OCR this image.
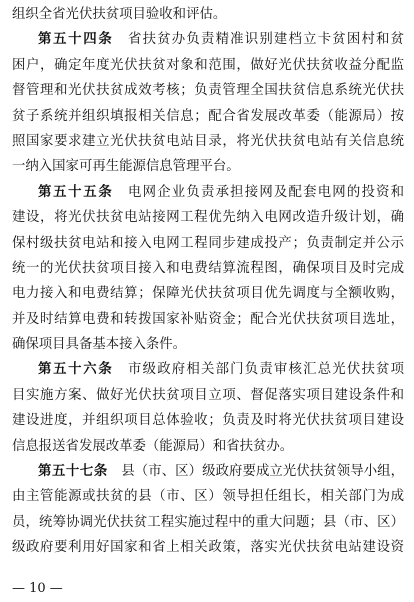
组织全省光伏扶贫项目验收和评估。
第五十四条　 省扶贫办负责精准识别建档立卡贫困村和贫
困户，确定年度光伏扶贫对象和范围，做好光伏扶贫收益分配监
督管理和光伏扶贫成效考核；负责管理全国扶贫信息系统光伏扶
贫子系统并组织填报相关信息；配合省发展改革委（能源局）按
照国家要求建立光伏扶贫电站目录，将光伏扶贫电站有关信息统
一纳入国家可再生能源信息管理平台。
第五十五条　 电网企业负责承担接网及配套电网的投资和
建设，将光伏扶贫电站接网工程优先纳入电网改造升级计划，确
保村级扶贫电站和接入电网工程同步建成投产；负责制定并公示
统一的光伏扶贫项目接入和电费结算流程图，确保项目及时完成
电力接入和电费结算；保障光伏扶贫项目优先调度与全额收购，
并及时结算电费和转拨国家补贴资金；配合光伏扶贫项目选址，
确保项目具备基本接入条件。
第五十六条　 市级政府相关部门负责审核汇总光伏扶贫项
目实施方案、做好光伏扶贫项目立项、督促落实项目建设条件和
建设进度，并组织项目总体验收；负责及时将光伏扶贫项目建设
信息报送省发展改革委（能源局）和省扶贫办。
第五十七条　 县（市、区）级政府要成立光伏扶贫领导小组，
由主管能源或扶贫的县（市、区）领导担任组长，相关部门为成
员，统筹协调光伏扶贫工程实施过程中的重大问题；县（市、区）
级政府要利用好国家和省上相关政策，落实光伏扶贫电站建设资
— 10 —
